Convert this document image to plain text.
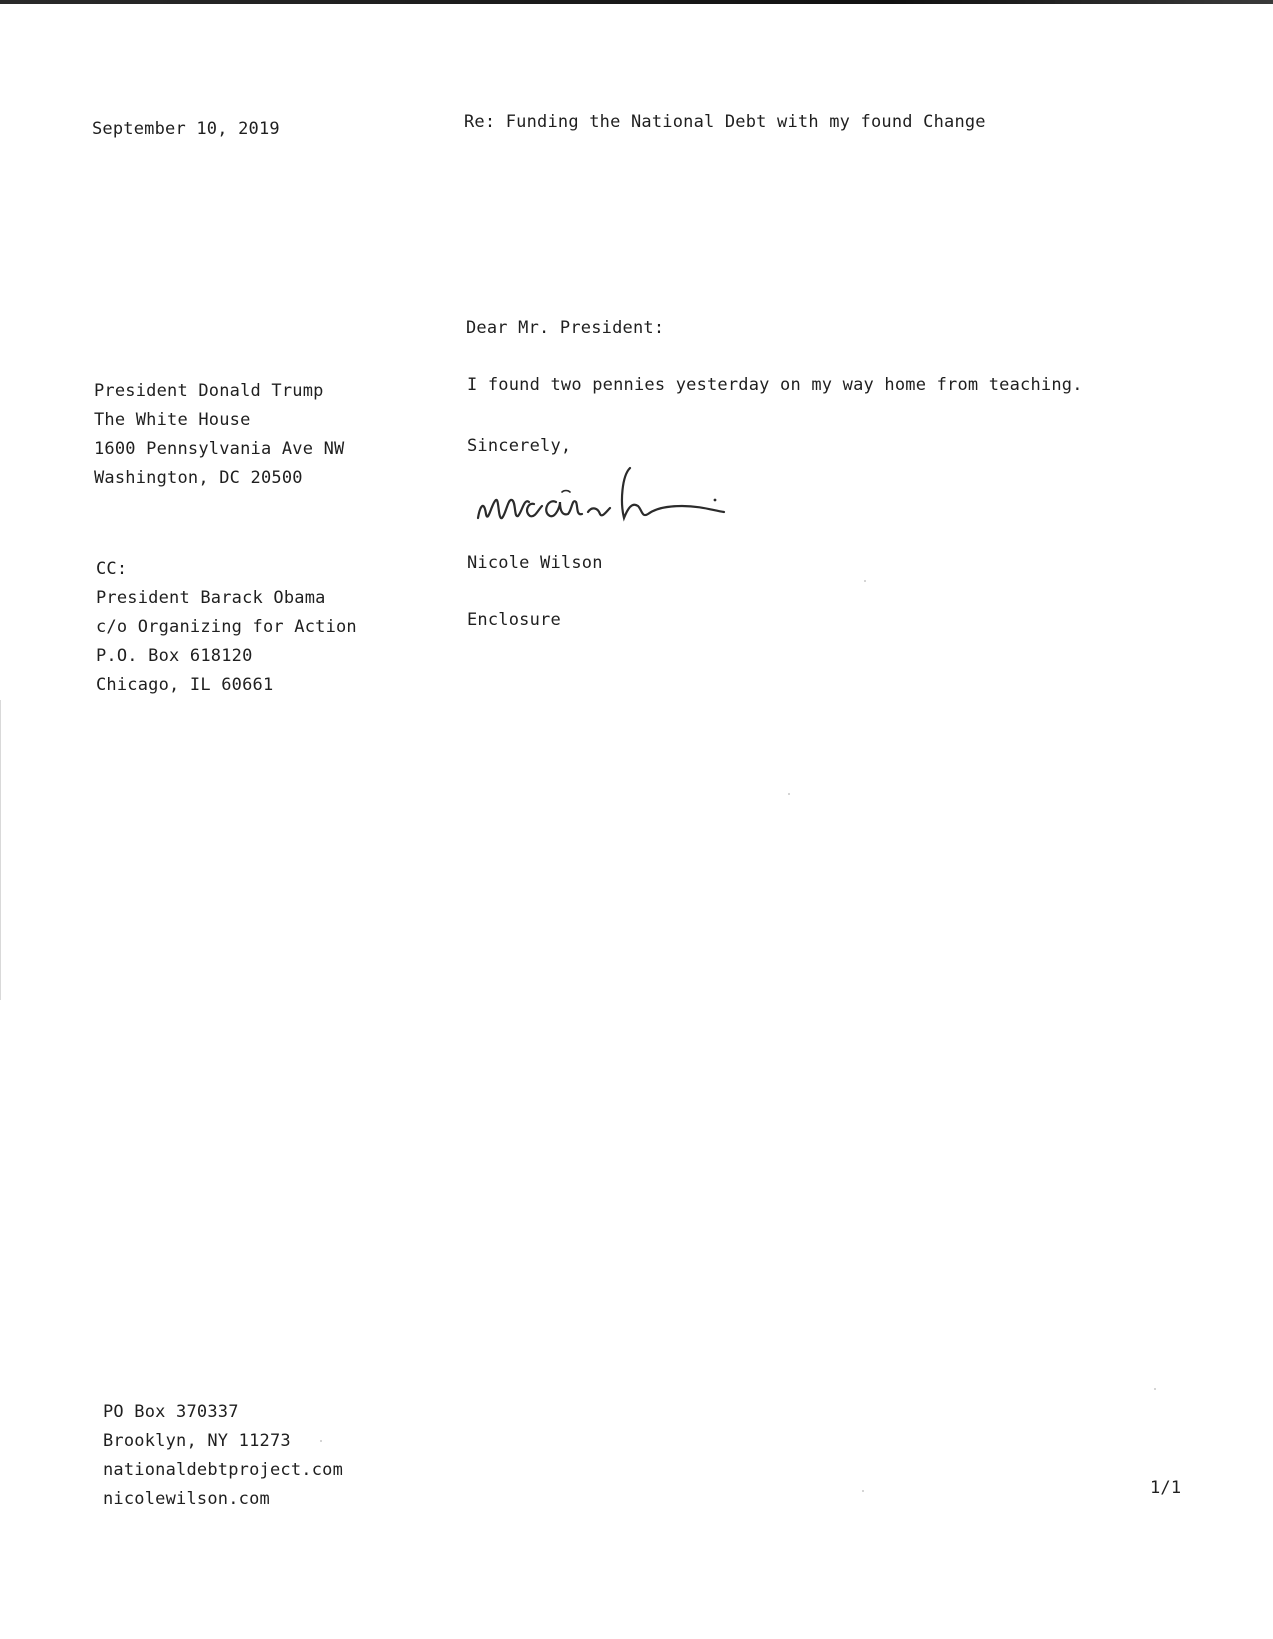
September 10, 2019	Re: Funding the National Debt with my found Change
Dear Mr. President:
President Donald Trump
The White House
1600 Pennsylvania Ave NW
Washington, DC 20500
I found two pennies yesterday on my way home from teaching.
Sincerely,
Nicole Wilson
Enclosure
CC:
President Barack Obama
c/o Organizing for Action
P.O. Box 618120
Chicago, IL 60661
PO Box 370337
Brooklyn, NY 11273
nationaldebtproject.com
nicolewilson.com
1/1
